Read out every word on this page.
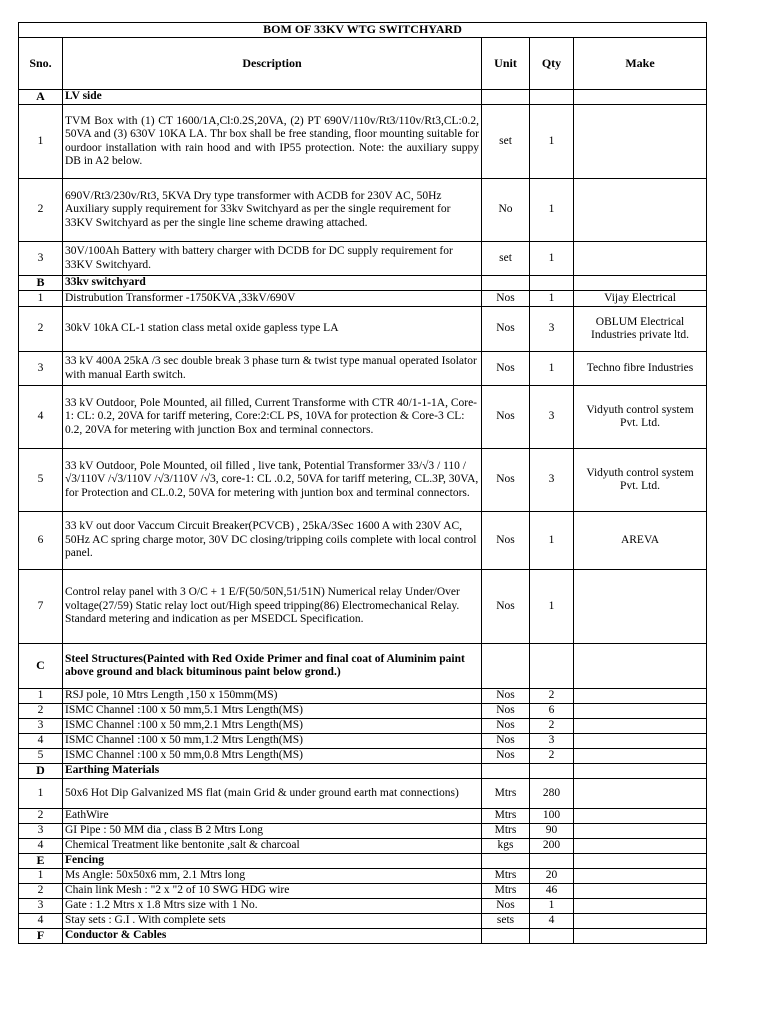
BOM OF 33KV WTG SWITCHYARD				
Sno.	Description	Unit	Qty	Make
A	LV side			
1	TVM Box with (1) CT 1600/1A,Cl:0.2S,20VA, (2) PT 690V/110v/Rt3/110v/Rt3,CL:0.2, 50VA and (3) 630V 10KA LA. Thr box shall be free standing, floor mounting suitable for ourdoor installation with rain hood and with IP55 protection. Note: the auxiliary suppy DB in A2 below.	set	1	
2	690V/Rt3/230v/Rt3, 5KVA Dry type transformer with ACDB for 230V AC, 50Hz Auxiliary supply requirement for 33kv Switchyard as per the single requirement for 33KV Switchyard as per the single line scheme drawing attached.	No	1	
3	30V/100Ah Battery with battery charger with DCDB for DC supply requirement for 33KV Switchyard.	set	1	
B	33kv switchyard			
1	Distrubution Transformer -1750KVA ,33kV/690V	Nos	1	Vijay Electrical
2	30kV 10kA CL-1 station class metal oxide gapless type LA	Nos	3	OBLUM Electrical Industries private ltd.
3	33 kV 400A 25kA /3 sec double break 3 phase turn & twist type manual operated Isolator with manual Earth switch.	Nos	1	Techno fibre Industries
4	33 kV Outdoor, Pole Mounted, ail filled, Current Transforme with CTR 40/1-1-1A, Core-1: CL: 0.2, 20VA for tariff metering, Core:2:CL PS, 10VA for protection & Core-3 CL: 0.2, 20VA for metering with junction Box and terminal connectors.	Nos	3	Vidyuth control system Pvt. Ltd.
5	33 kV Outdoor, Pole Mounted, oil filled , live tank, Potential Transformer 33/√3 / 110 / √3/110V /√3/110V /√3/110V /√3, core-1: CL .0.2, 50VA for tariff metering, CL.3P, 30VA, for Protection and CL.0.2, 50VA for metering with juntion box and terminal connectors.	Nos	3	Vidyuth control system Pvt. Ltd.
6	33 kV out door Vaccum Circuit Breaker(PCVCB) , 25kA/3Sec 1600 A with 230V AC, 50Hz AC spring charge motor, 30V DC closing/tripping coils complete with local control panel.	Nos	1	AREVA
7	Control relay panel with 3 O/C + 1 E/F(50/50N,51/51N) Numerical relay Under/Over voltage(27/59) Static relay loct out/High speed tripping(86) Electromechanical Relay. Standard metering and indication as per MSEDCL Specification.	Nos	1	
C	Steel Structures(Painted with Red Oxide Primer and final coat of Aluminim paint above ground and black bituminous paint below grond.)			
1	RSJ pole, 10 Mtrs Length ,150 x 150mm(MS)	Nos	2	
2	ISMC Channel :100 x 50 mm,5.1 Mtrs Length(MS)	Nos	6	
3	ISMC Channel :100 x 50 mm,2.1 Mtrs Length(MS)	Nos	2	
4	ISMC Channel :100 x 50 mm,1.2 Mtrs Length(MS)	Nos	3	
5	ISMC Channel :100 x 50 mm,0.8 Mtrs Length(MS)	Nos	2	
D	Earthing Materials			
1	50x6 Hot Dip Galvanized MS flat (main Grid & under ground earth mat connections)	Mtrs	280	
2	EathWire	Mtrs	100	
3	GI Pipe : 50 MM dia , class B 2 Mtrs Long	Mtrs	90	
4	Chemical Treatment like bentonite ,salt & charcoal	kgs	200	
E	Fencing			
1	Ms Angle: 50x50x6 mm, 2.1 Mtrs long	Mtrs	20	
2	Chain link Mesh : "2 x "2 of 10 SWG HDG wire	Mtrs	46	
3	Gate : 1.2 Mtrs x 1.8 Mtrs size with 1 No.	Nos	1	
4	Stay sets : G.I . With complete sets	sets	4	
F	Conductor & Cables			
